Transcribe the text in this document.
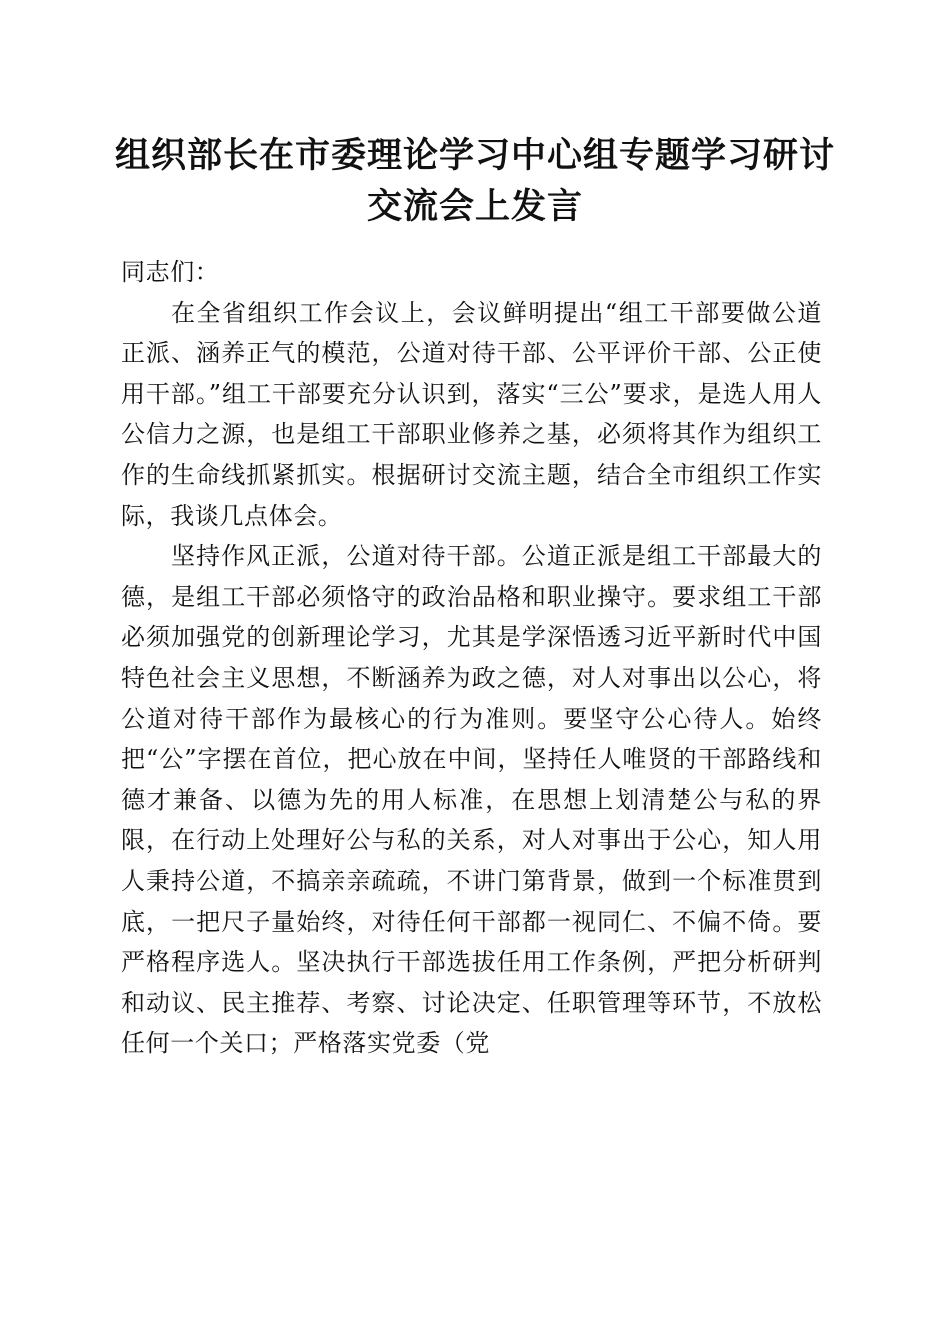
组织部长在市委理论学习中心组专题学习研讨
交流会上发言

同志们：

在全省组织工作会议上，会议鲜明提出“组工干部要做公道正派、涵养正气的模范，公道对待干部、公平评价干部、公正使用干部。”组工干部要充分认识到，落实“三公”要求，是选人用人公信力之源，也是组工干部职业修养之基，必须将其作为组织工作的生命线抓紧抓实。根据研讨交流主题，结合全市组织工作实际，我谈几点体会。

坚持作风正派，公道对待干部。公道正派是组工干部最大的德，是组工干部必须恪守的政治品格和职业操守。要求组工干部必须加强党的创新理论学习，尤其是学深悟透习近平新时代中国特色社会主义思想，不断涵养为政之德，对人对事出以公心，将公道对待干部作为最核心的行为准则。要坚守公心待人。始终把“公”字摆在首位，把心放在中间，坚持任人唯贤的干部路线和德才兼备、以德为先的用人标准，在思想上划清楚公与私的界限，在行动上处理好公与私的关系，对人对事出于公心，知人用人秉持公道，不搞亲亲疏疏，不讲门第背景，做到一个标准贯到底，一把尺子量始终，对待任何干部都一视同仁、不偏不倚。要严格程序选人。坚决执行干部选拔任用工作条例，严把分析研判和动议、民主推荐、考察、讨论决定、任职管理等环节，不放松任何一个关口；严格落实党委（党
